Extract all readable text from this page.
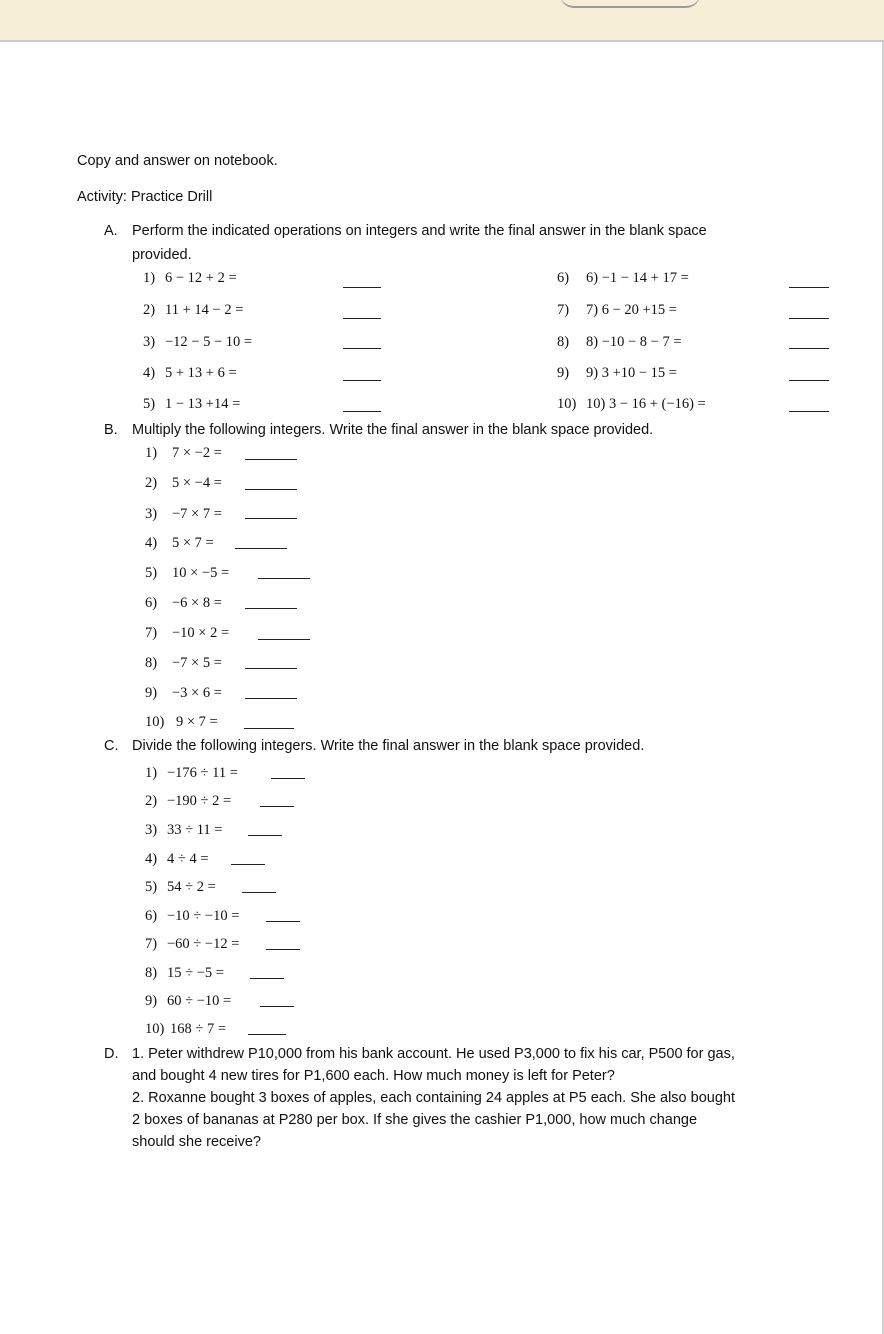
Copy and answer on notebook.
Activity: Practice Drill
A. Perform the indicated operations on integers and write the final answer in the blank space
provided.
1) 6 − 12 + 2 =
2) 11 + 14 − 2 =
3) −12 − 5 − 10 =
4) 5 + 13 + 6 =
5) 1 − 13 +14 =
6) 6) −1 − 14 + 17 =
7) 7) 6 − 20 +15 =
8) 8) −10 − 8 − 7 =
9) 9) 3 +10 − 15 =
10) 10) 3 − 16 + (−16) =
B. Multiply the following integers. Write the final answer in the blank space provided.
1) 7 × −2 =
2) 5 × −4 =
3) −7 × 7 =
4) 5 × 7 =
5) 10 × −5 =
6) −6 × 8 =
7) −10 × 2 =
8) −7 × 5 =
9) −3 × 6 =
10) 9 × 7 =
C. Divide the following integers. Write the final answer in the blank space provided.
1) −176 ÷ 11 =
2) −190 ÷ 2 =
3) 33 ÷ 11 =
4) 4 ÷ 4 =
5) 54 ÷ 2 =
6) −10 ÷ −10 =
7) −60 ÷ −12 =
8) 15 ÷ −5 =
9) 60 ÷ −10 =
10) 168 ÷ 7 =
D. 1. Peter withdrew P10,000 from his bank account. He used P3,000 to fix his car, P500 for gas,
and bought 4 new tires for P1,600 each. How much money is left for Peter?
2. Roxanne bought 3 boxes of apples, each containing 24 apples at P5 each. She also bought
2 boxes of bananas at P280 per box. If she gives the cashier P1,000, how much change
should she receive?
